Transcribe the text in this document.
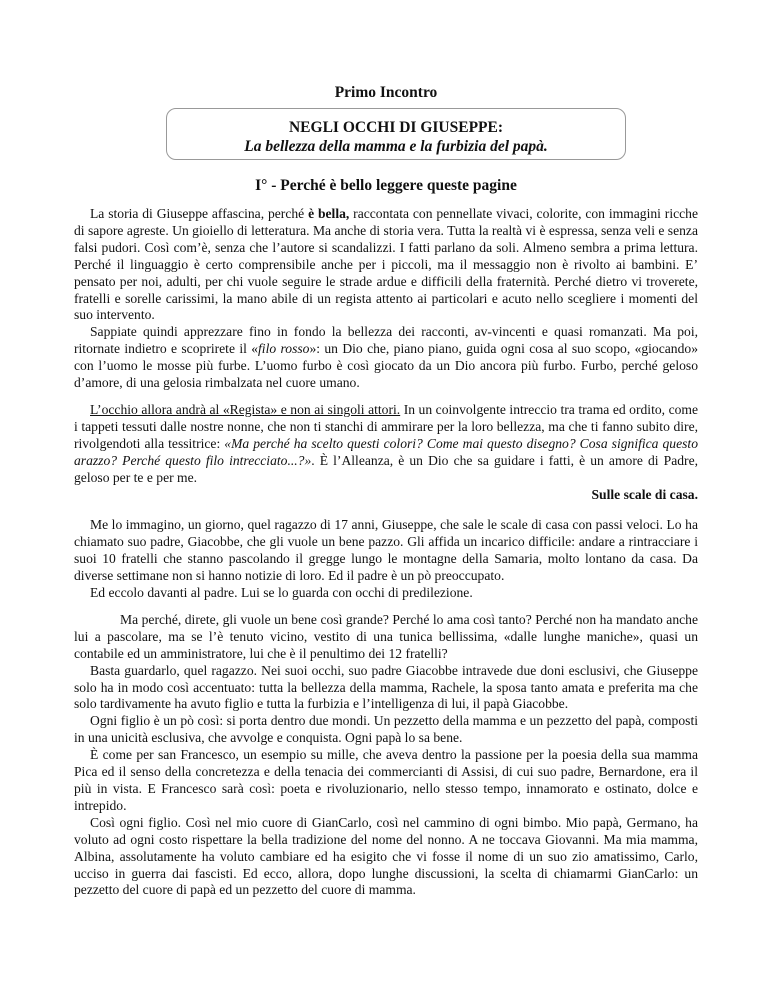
Primo Incontro
NEGLI OCCHI DI GIUSEPPE:
La bellezza della mamma e la furbizia del papà.
I° - Perché è bello leggere queste pagine

La storia di Giuseppe affascina, perché è bella, raccontata con pennellate vivaci, colorite, con immagini ricche di sapore agreste. Un gioiello di letteratura. Ma anche di storia vera. Tutta la realtà vi è espressa, senza veli e senza falsi pudori. Così com’è, senza che l’autore si scandalizzi. I fatti parlano da soli. Almeno sembra a prima lettura. Perché il linguaggio è certo comprensibile anche per i piccoli, ma il messaggio non è rivolto ai bambini. E’ pensato per noi, adulti, per chi vuole seguire le strade ardue e difficili della fraternità. Perché dietro vi troverete, fratelli e sorelle carissimi, la mano abile di un regista attento ai particolari e acuto nello scegliere i momenti del suo intervento.

Sappiate quindi apprezzare fino in fondo la bellezza dei racconti, av-vincenti e quasi romanzati. Ma poi, ritornate indietro e scoprirete il «filo rosso»: un Dio che, piano piano, guida ogni cosa al suo scopo, «giocando» con l’uomo le mosse più furbe. L’uomo furbo è così giocato da un Dio ancora più furbo. Furbo, perché geloso d’amore, di una gelosia rimbalzata nel cuore umano.

L’occhio allora andrà al «Regista» e non ai singoli attori. In un coinvolgente intreccio tra trama ed ordito, come i tappeti tessuti dalle nostre nonne, che non ti stanchi di ammirare per la loro bellezza, ma che ti fanno subito dire, rivolgendoti alla tessitrice: «Ma perché ha scelto questi colori? Come mai questo disegno? Cosa significa questo arazzo? Perché questo filo intrecciato...?». È l’Alleanza, è un Dio che sa guidare i fatti, è un amore di Padre, geloso per te e per me.

Sulle scale di casa.

Me lo immagino, un giorno, quel ragazzo di 17 anni, Giuseppe, che sale le scale di casa con passi veloci. Lo ha chiamato suo padre, Giacobbe, che gli vuole un bene pazzo. Gli affida un incarico difficile: andare a rintracciare i suoi 10 fratelli che stanno pascolando il gregge lungo le montagne della Samaria, molto lontano da casa. Da diverse settimane non si hanno notizie di loro. Ed il padre è un pò preoccupato.

Ed eccolo davanti al padre. Lui se lo guarda con occhi di predilezione.

Ma perché, direte, gli vuole un bene così grande? Perché lo ama così tanto? Perché non ha mandato anche lui a pascolare, ma se l’è tenuto vicino, vestito di una tunica bellissima, «dalle lunghe maniche», quasi un contabile ed un amministratore, lui che è il penultimo dei 12 fratelli?

Basta guardarlo, quel ragazzo. Nei suoi occhi, suo padre Giacobbe intravede due doni esclusivi, che Giuseppe solo ha in modo così accentuato: tutta la bellezza della mamma, Rachele, la sposa tanto amata e preferita ma che solo tardivamente ha avuto figlio e tutta la furbizia e l’intelligenza di lui, il papà Giacobbe.

Ogni figlio è un pò così: si porta dentro due mondi. Un pezzetto della mamma e un pezzetto del papà, composti in una unicità esclusiva, che avvolge e conquista. Ogni papà lo sa bene.

È come per san Francesco, un esempio su mille, che aveva dentro la passione per la poesia della sua mamma Pica ed il senso della concretezza e della tenacia dei commercianti di Assisi, di cui suo padre, Bernardone, era il più in vista. E Francesco sarà così: poeta e rivoluzionario, nello stesso tempo, innamorato e ostinato, dolce e intrepido.

Così ogni figlio. Così nel mio cuore di GianCarlo, così nel cammino di ogni bimbo. Mio papà, Germano, ha voluto ad ogni costo rispettare la bella tradizione del nome del nonno. A ne toccava Giovanni. Ma mia mamma, Albina, assolutamente ha voluto cambiare ed ha esigito che vi fosse il nome di un suo zio amatissimo, Carlo, ucciso in guerra dai fascisti. Ed ecco, allora, dopo lunghe discussioni, la scelta di chiamarmi GianCarlo: un pezzetto del cuore di papà ed un pezzetto del cuore di mamma.
